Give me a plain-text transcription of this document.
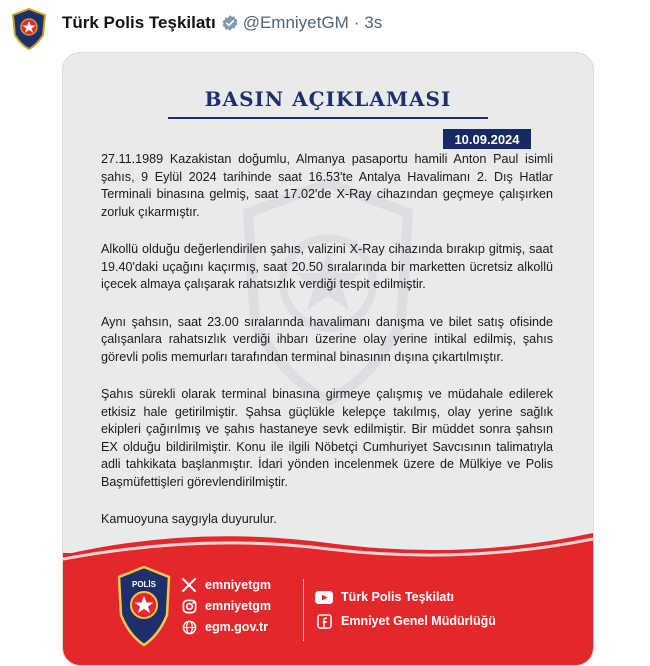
Türk Polis Teşkilatı @EmniyetGM · 3s
BASIN AÇIKLAMASI
10.09.2024

27.11.1989 Kazakistan doğumlu, Almanya pasaportu hamili Anton Paul isimli şahıs, 9 Eylül 2024 tarihinde saat 16.53'te Antalya Havalimanı 2. Dış Hatlar Terminali binasına gelmiş, saat 17.02'de X-Ray cihazından geçmeye çalışırken zorluk çıkarmıştır.

Alkollü olduğu değerlendirilen şahıs, valizini X-Ray cihazında bırakıp gitmiş, saat 19.40'daki uçağını kaçırmış, saat 20.50 sıralarında bir marketten ücretsiz alkollü içecek almaya çalışarak rahatsızlık verdiği tespit edilmiştir.

Aynı şahsın, saat 23.00 sıralarında havalimanı danışma ve bilet satış ofisinde çalışanlara rahatsızlık verdiği ihbarı üzerine olay yerine intikal edilmiş, şahıs görevli polis memurları tarafından terminal binasının dışına çıkartılmıştır.

Şahıs sürekli olarak terminal binasına girmeye çalışmış ve müdahale edilerek etkisiz hale getirilmiştir. Şahsa güçlükle kelepçe takılmış, olay yerine sağlık ekipleri çağırılmış ve şahıs hastaneye sevk edilmiştir. Bir müddet sonra şahsın EX olduğu bildirilmiştir. Konu ile ilgili Nöbetçi Cumhuriyet Savcısının talimatıyla adli tahkikata başlanmıştır. İdari yönden incelenmek üzere de Mülkiye ve Polis Başmüfettişleri görevlendirilmiştir.

Kamuoyuna saygıyla duyurulur.

POLİS	emniyetgm
emniyetgm
egm.gov.tr
Türk Polis Teşkilatı
Emniyet Genel Müdürlüğü
